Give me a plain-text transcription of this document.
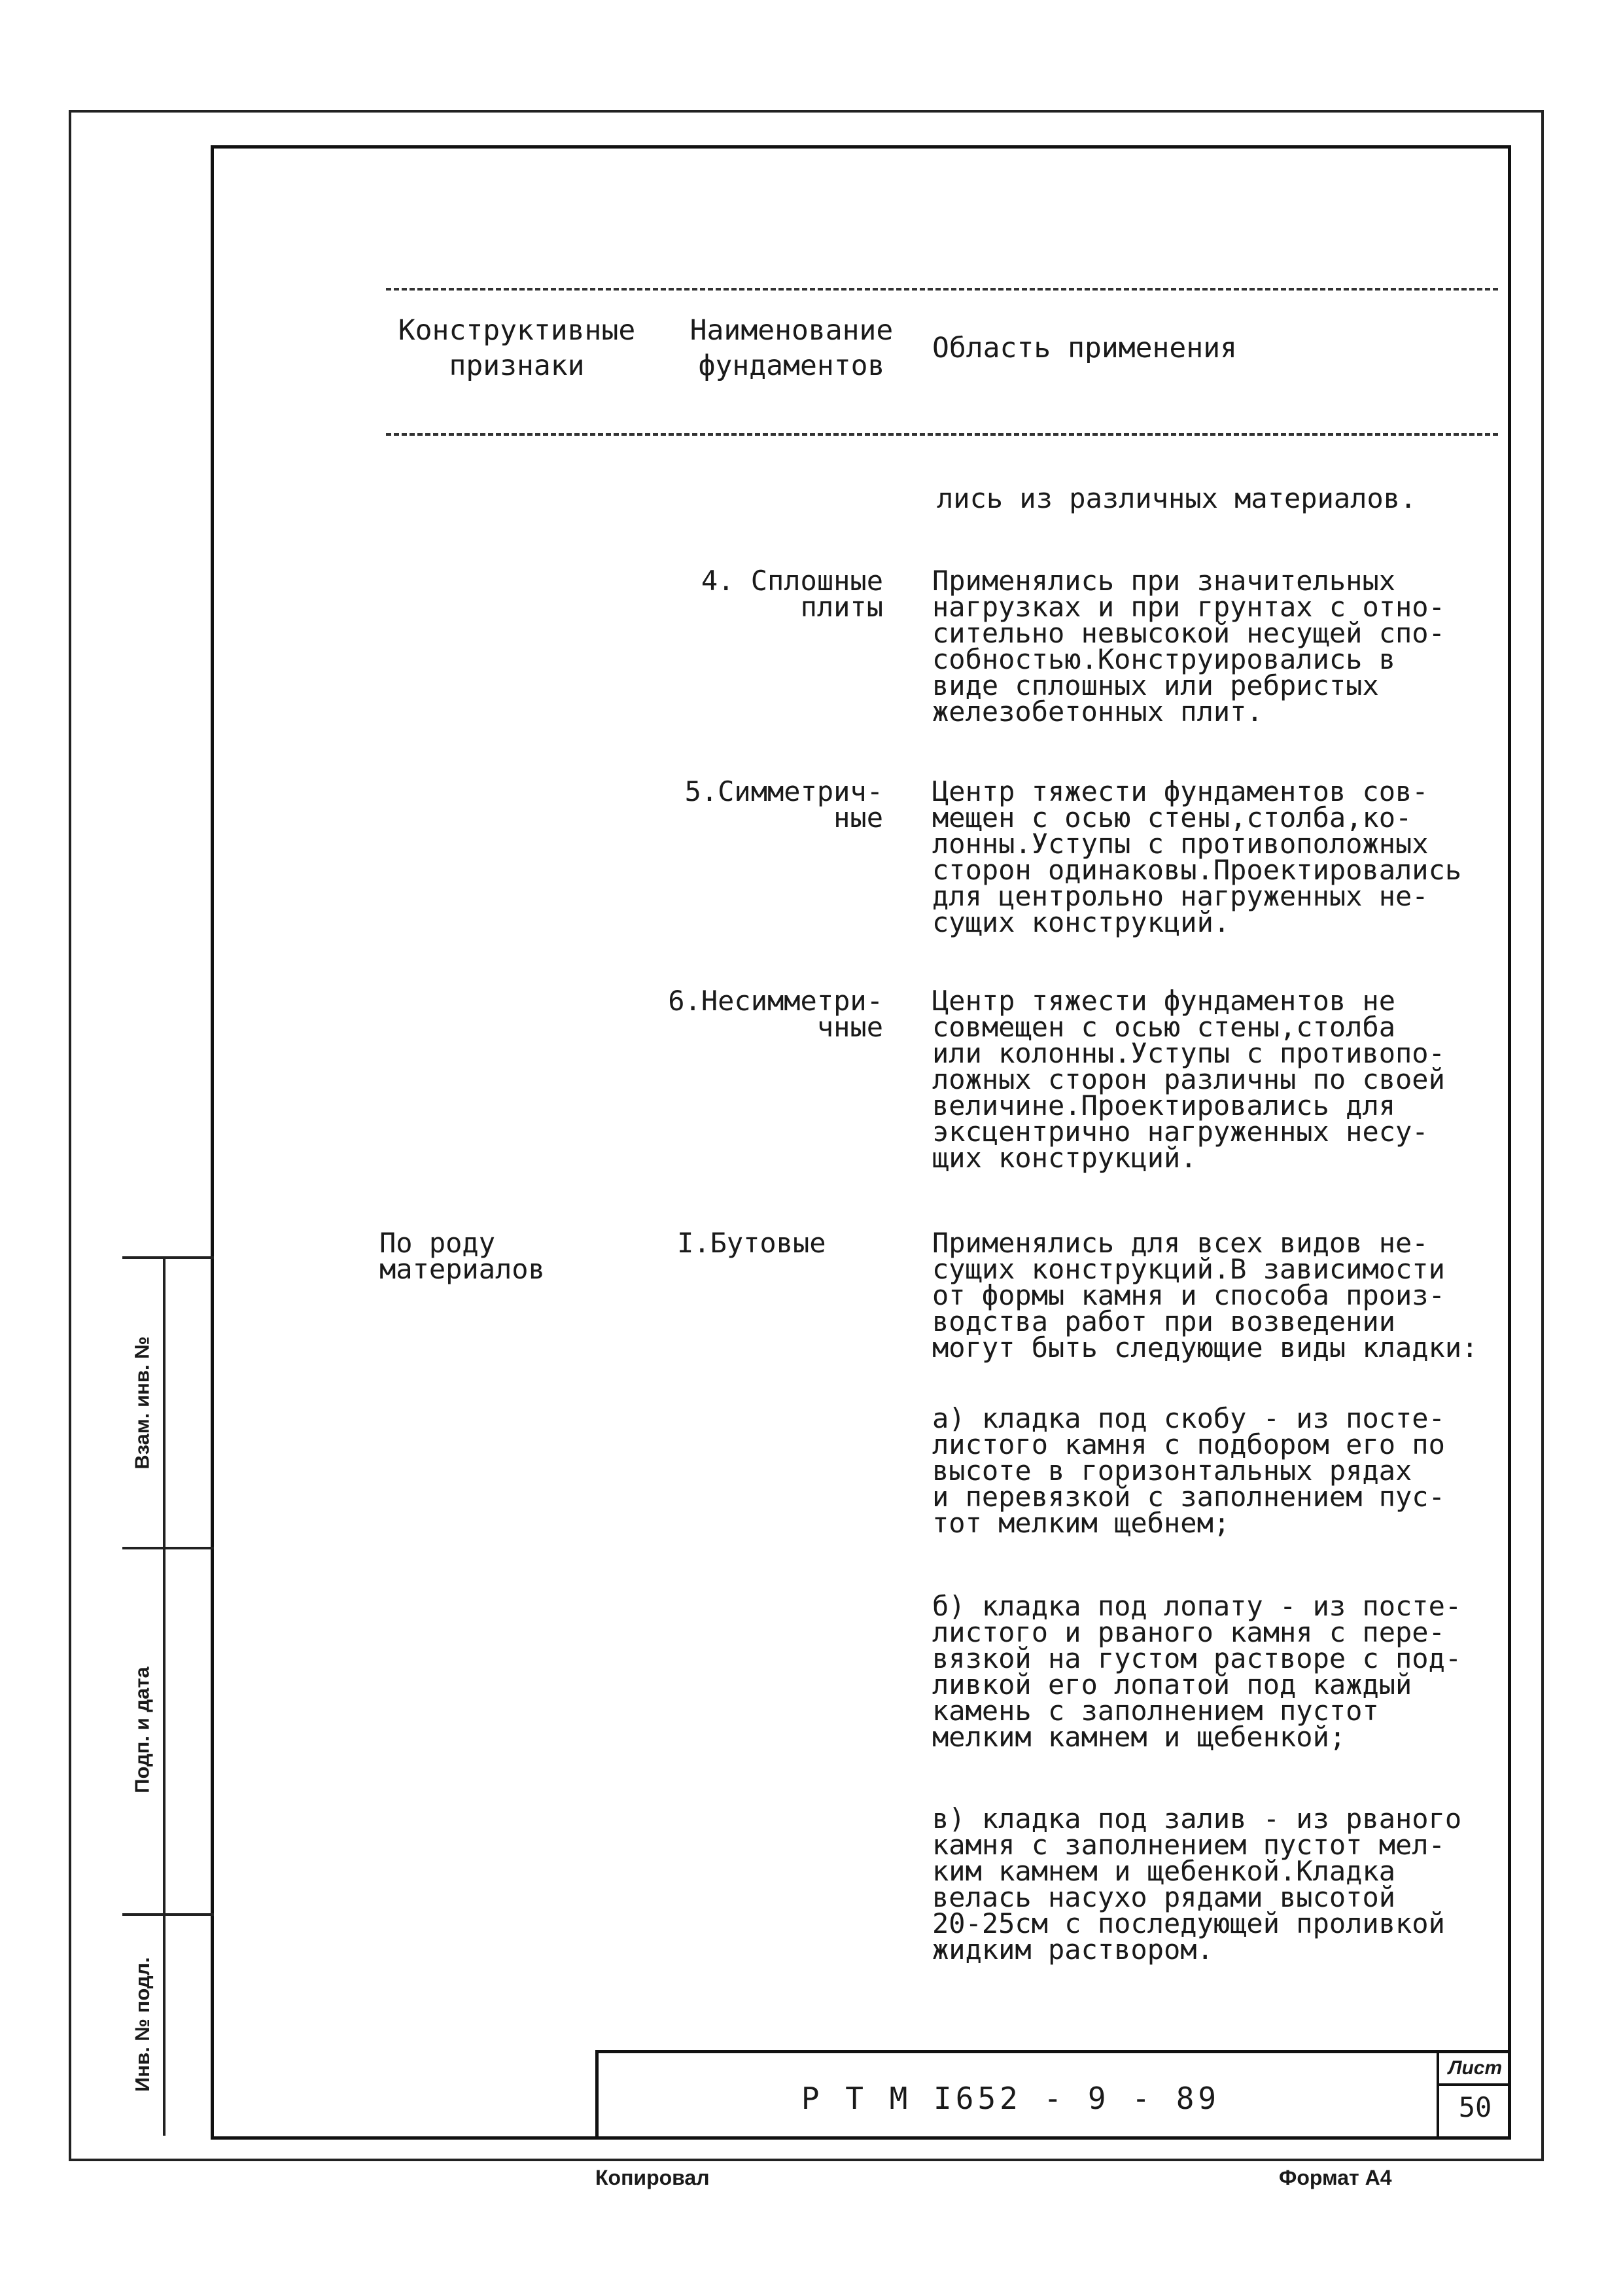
Конструктивные
признаки
Наименование
фундаментов
Область применения
лись из различных материалов.
4. Сплошные
плиты
Применялись при значительных
нагрузках и при грунтах с отно-
сительно невысокой несущей спо-
собностью.Конструировались в
виде сплошных или ребристых
железобетонных плит.
5.Симметрич-
ные
Центр тяжести фундаментов сов-
мещен с осью стены,столба,ко-
лонны.Уступы с противоположных
сторон одинаковы.Проектировались
для центрольно нагруженных не-
сущих конструкций.
6.Несимметри-
чные
Центр тяжести фундаментов не
совмещен с осью стены,столба
или колонны.Уступы с противопо-
ложных сторон различны по своей
величине.Проектировались для
эксцентрично нагруженных несу-
щих конструкций.
По роду
материалов
I.Бутовые	Применялись для всех видов не-
сущих конструкций.В зависимости
от формы камня и способа произ-
водства работ при возведении
могут быть следующие виды кладки:
а) кладка под скобу - из посте-
листого камня с подбором его по
высоте в горизонтальных рядах
и перевязкой с заполнением пус-
тот мелким щебнем;
б) кладка под лопату - из посте-
листого и рваного камня с пере-
вязкой на густом растворе с под-
ливкой его лопатой под каждый
камень с заполнением пустот
мелким камнем и щебенкой;
в) кладка под залив - из рваного
камня с заполнением пустот мел-
ким камнем и щебенкой.Кладка
велась насухо рядами высотой
20-25см с последующей проливкой
жидким раствором.
Взам. инв. №
Подп. и дата
Инв. № подл.
Р Т М I652 - 9 - 89
Лист
50
Копировал	Формат А4
